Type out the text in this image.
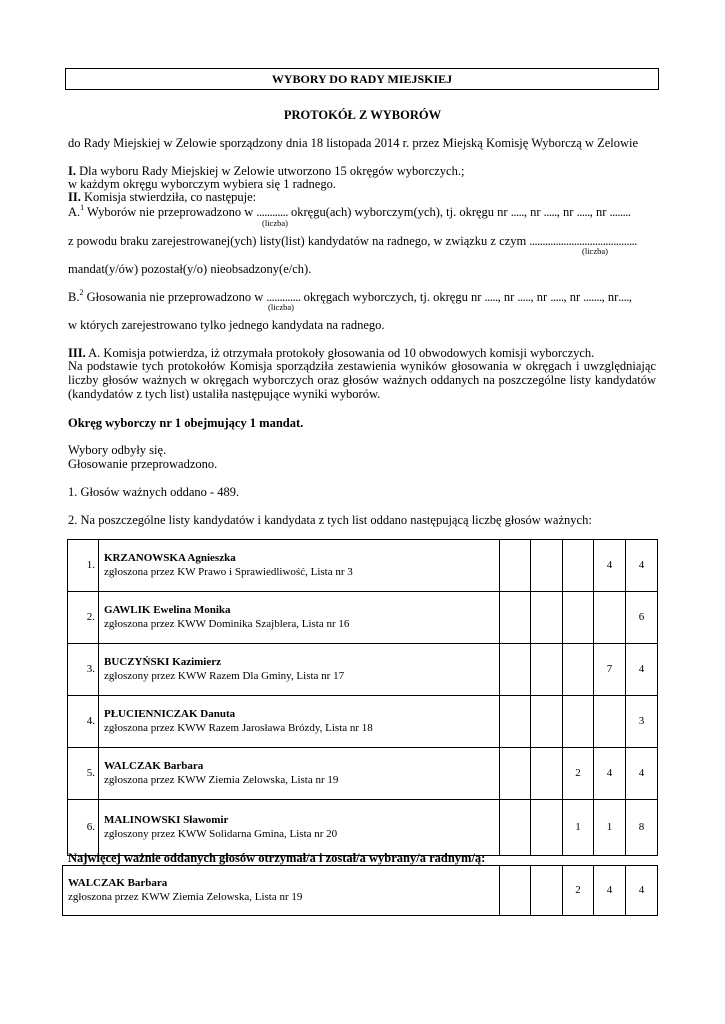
WYBORY DO RADY MIEJSKIEJ
PROTOKÓŁ Z WYBORÓW
do Rady Miejskiej w Zelowie sporządzony dnia 18 listopada 2014 r. przez Miejską Komisję Wyborczą w Zelowie
I. Dla wyboru Rady Miejskiej w Zelowie utworzono 15 okręgów wyborczych.;
w każdym okręgu wyborczym wybiera się 1 radnego.
II. Komisja stwierdziła, co następuje:
A.$^1$ Wyborów nie przeprowadzono w ............ okręgu(ach) wyborczym(ych), tj. okręgu nr ....., nr ....., nr ....., nr ........
(liczba)
z powodu braku zarejestrowanej(ych) listy(list) kandydatów na radnego, w związku z czym .........................................
(liczba)
mandat(y/ów) pozostał(y/o) nieobsadzony(e/ch).
B.$^2$ Głosowania nie przeprowadzono w ............. okręgach wyborczych, tj. okręgu nr ....., nr ....., nr ....., nr ......., nr....,
(liczba)
w których zarejestrowano tylko jednego kandydata na radnego.
III. A. Komisja potwierdza, iż otrzymała protokoły głosowania od 10 obwodowych komisji wyborczych.
Na podstawie tych protokołów Komisja sporządziła zestawienia wyników głosowania w okręgach i uwzględniając liczby głosów ważnych w okręgach wyborczych oraz głosów ważnych oddanych na poszczególne listy kandydatów (kandydatów z tych list) ustaliła następujące wyniki wyborów.
Okręg wyborczy nr 1 obejmujący 1 mandat.
Wybory odbyły się.
Głosowanie przeprowadzono.
1. Głosów ważnych oddano - 489.
2. Na poszczególne listy kandydatów i kandydata z tych list oddano następującą liczbę głosów ważnych:
1.	KRZANOWSKA Agnieszka
zgłoszona przez KW Prawo i Sprawiedliwość, Lista nr 3				4	4
2.	GAWLIK Ewelina Monika
zgłoszona przez KWW Dominika Szajblera, Lista nr 16					6
3.	BUCZYŃSKI Kazimierz
zgłoszony przez KWW Razem Dla Gminy, Lista nr 17				7	4
4.	PŁUCIENNICZAK Danuta
zgłoszona przez KWW Razem Jarosława Brózdy, Lista nr 18					3
5.	WALCZAK Barbara
zgłoszona przez KWW Ziemia Zelowska, Lista nr 19			2	4	4
6.	MALINOWSKI Sławomir
zgłoszony przez KWW Solidarna Gmina, Lista nr 20			1	1	8
Najwięcej ważnie oddanych głosów otrzymał/a i został/a wybrany/a radnym/ą:
WALCZAK Barbara
zgłoszona przez KWW Ziemia Zelowska, Lista nr 19
			2	4	4
